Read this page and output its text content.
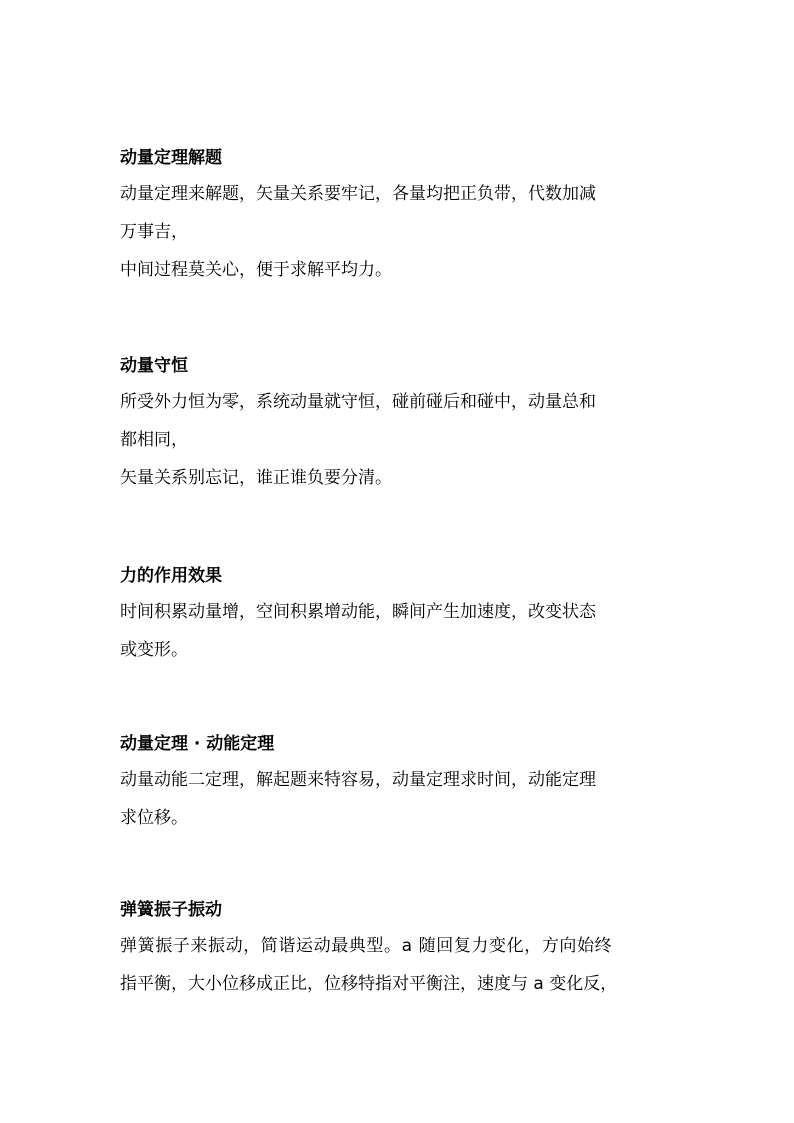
动量定理解题
动量定理来解题，矢量关系要牢记，各量均把正负带，代数加减
万事吉，
中间过程莫关心，便于求解平均力。
动量守恒
所受外力恒为零，系统动量就守恒，碰前碰后和碰中，动量总和
都相同，
矢量关系别忘记，谁正谁负要分清。
力的作用效果
时间积累动量增，空间积累增动能，瞬间产生加速度，改变状态
或变形。
动量定理 · 动能定理
动量动能二定理，解起题来特容易，动量定理求时间，动能定理
求位移。
弹簧振子振动
弹簧振子来振动，简谐运动最典型。a 随回复力变化，方向始终
指平衡，大小位移成正比，位移特指对平衡注，速度与 a 变化反，
